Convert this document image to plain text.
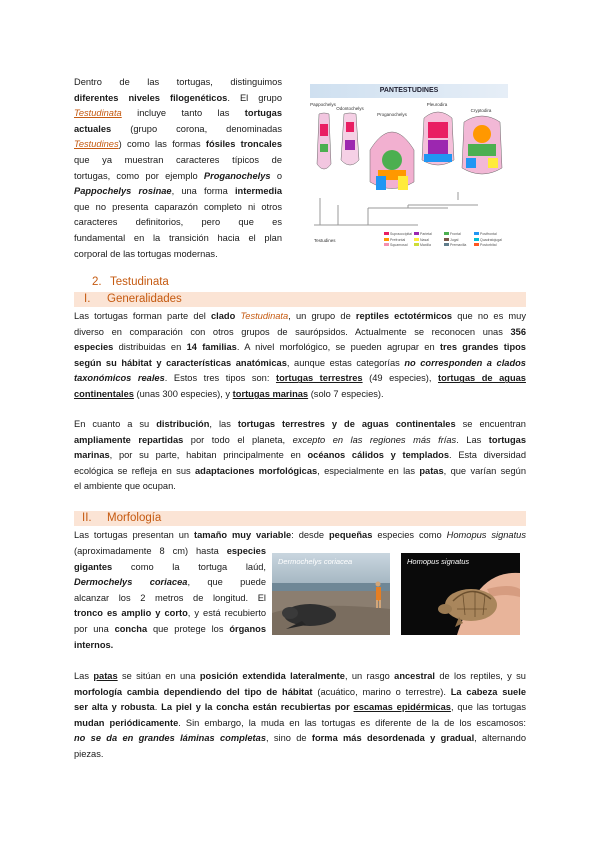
Dentro de las tortugas, distinguimos
diferentes niveles filogenéticos. El grupo
Testudinata incluye tanto las tortugas
actuales (grupo corona, denominadas
Testudines) como las formas fósiles troncales
que ya muestran caracteres típicos de
tortugas, como por ejemplo Proganochelys o
Pappochelys rosinae, una forma intermedia
que no presenta caparazón completo ni otros
caracteres definitorios, pero que es
fundamental en la transición hacia el plan
corporal de las tortugas modernas.
PANTESTUDINES
Pappochelys
Odontochelys
Proganochelys
Pleurodira
Cryptodira
Testudines
Supraoccipital Parietal	Frontal	Postfrontal
Prefrontal	Nasal	Jugal	Quadratojugal
Squamosal	Maxilla	Premaxilla	Postorbital
2. Testudinata
I. Generalidades
Las tortugas forman parte del clado Testudinata, un grupo de reptiles ectotérmicos que no es muy
diverso en comparación con otros grupos de saurópsidos. Actualmente se reconocen unas 356
especies distribuidas en 14 familias. A nivel morfológico, se pueden agrupar en tres grandes tipos
según su hábitat y características anatómicas, aunque estas categorías no corresponden a clados
taxonómicos reales. Estos tres tipos son: tortugas terrestres (49 especies), tortugas de aguas
continentales (unas 300 especies), y tortugas marinas (solo 7 especies).
En cuanto a su distribución, las tortugas terrestres y de aguas continentales se encuentran
ampliamente repartidas por todo el planeta, excepto en las regiones más frías. Las tortugas
marinas, por su parte, habitan principalmente en océanos cálidos y templados. Esta diversidad
ecológica se refleja en sus adaptaciones morfológicas, especialmente en las patas, que varían según
el ambiente que ocupan.
II. Morfología
Las tortugas presentan un tamaño muy variable: desde pequeñas especies como Homopus signatus
(aproximadamente 8 cm) hasta especies
gigantes como la tortuga laúd,
Dermochelys coriacea, que puede
alcanzar los 2 metros de longitud. El
tronco es amplio y corto, y está recubierto
por una concha que protege los órganos
internos.
Dermochelys coriacea	Homopus signatus
Las patas se sitúan en una posición extendida lateralmente, un rasgo ancestral de los reptiles, y su
morfología cambia dependiendo del tipo de hábitat (acuático, marino o terrestre). La cabeza suele
ser alta y robusta. La piel y la concha están recubiertas por escamas epidérmicas, que las tortugas
mudan periódicamente. Sin embargo, la muda en las tortugas es diferente de la de los escamosos:
no se da en grandes láminas completas, sino de forma más desordenada y gradual, alternando
piezas.
